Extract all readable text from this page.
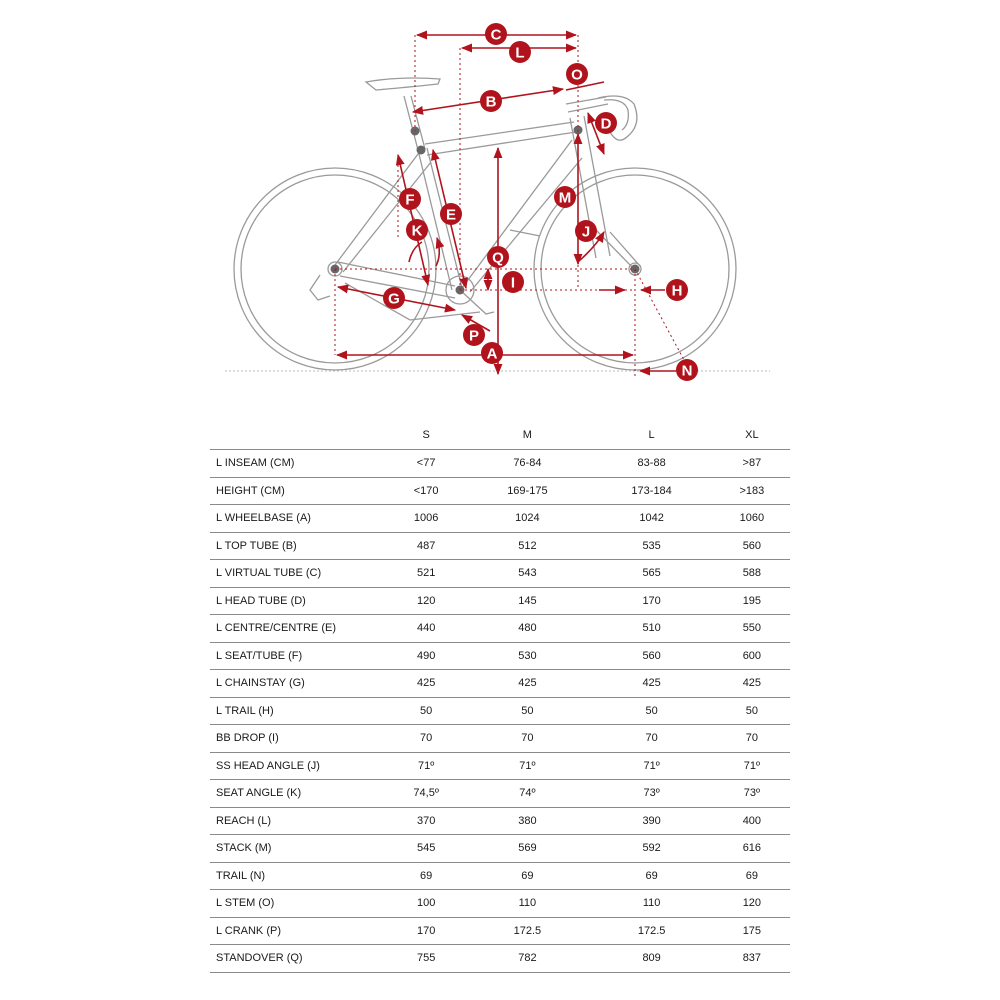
C
L
O
B
D
F	M
E
K	J
Q
I	H
G
P
A
N
	S	M	L	XL
L INSEAM (CM)	<77	76-84	83-88	>87
HEIGHT (CM)	<170	169-175	173-184	>183
L WHEELBASE (A)	1006	1024	1042	1060
L TOP TUBE (B)	487	512	535	560
L VIRTUAL TUBE (C)	521	543	565	588
L HEAD TUBE (D)	120	145	170	195
L CENTRE/CENTRE (E)	440	480	510	550
L SEAT/TUBE (F)	490	530	560	600
L CHAINSTAY (G)	425	425	425	425
L TRAIL (H)	50	50	50	50
BB DROP (I)	70	70	70	70
SS HEAD ANGLE (J)	71º	71º	71º	71º
SEAT ANGLE (K)	74,5º	74º	73º	73º
REACH (L)	370	380	390	400
STACK (M)	545	569	592	616
TRAIL (N)	69	69	69	69
L STEM (O)	100	110	110	120
L CRANK (P)	170	172.5	172.5	175
STANDOVER (Q)	755	782	809	837
